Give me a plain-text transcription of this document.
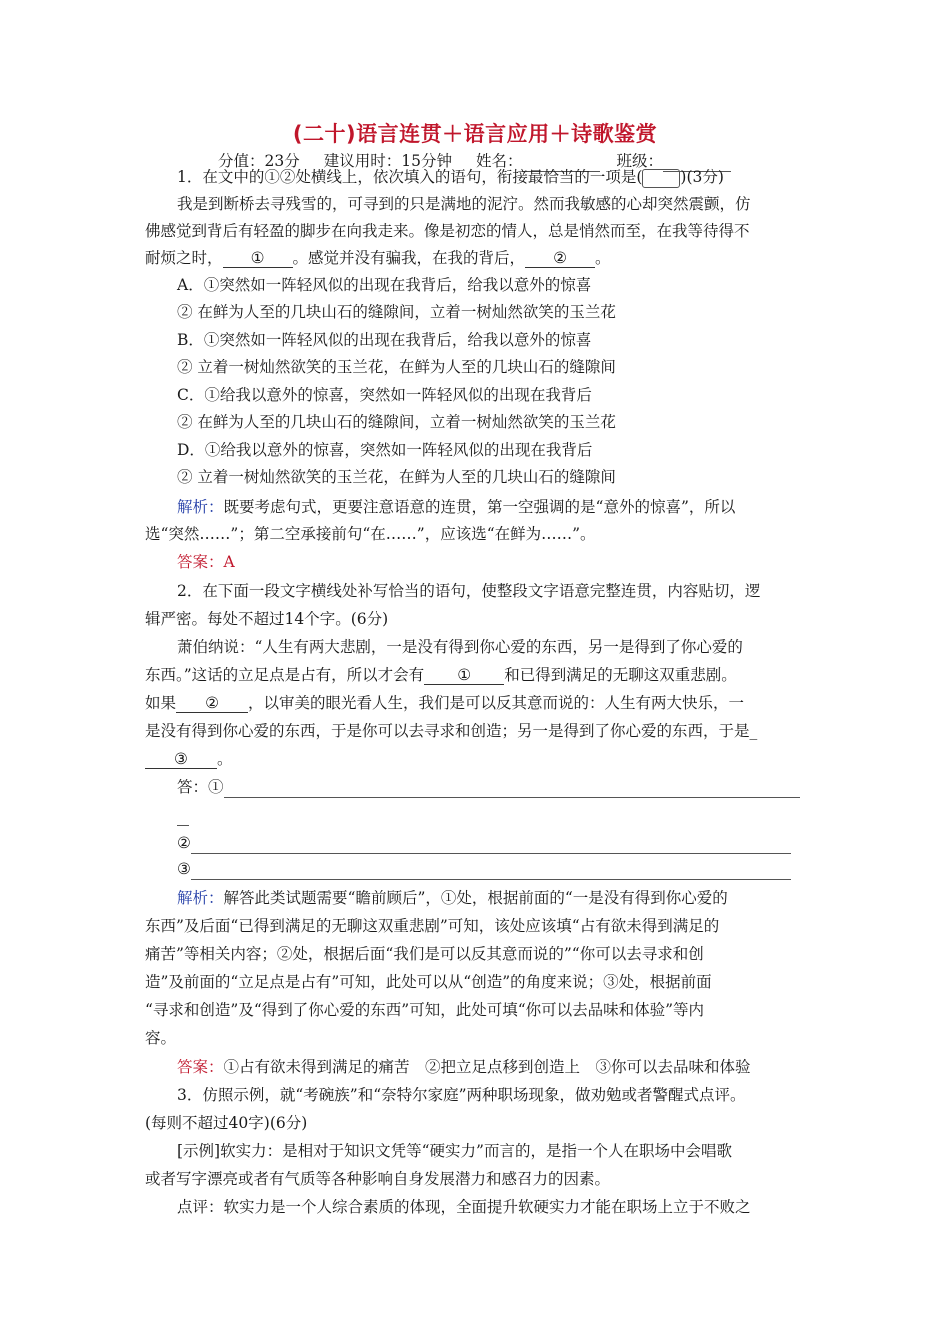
(二十)语言连贯＋语言应用＋诗歌鉴赏
分值：23分 建议用时：15分钟 姓名：	班级：
1．在文中的①②处横线上，依次填入的语句，衔接最恰当的一项是( )(3分)
我是到断桥去寻残雪的，可寻到的只是满地的泥泞。然而我敏感的心却突然震颤，仿
佛感觉到背后有轻盈的脚步在向我走来。像是初恋的情人，总是悄然而至，在我等待得不
耐烦之时， ① 。感觉并没有骗我，在我的背后， ② 。
A．①突然如一阵轻风似的出现在我背后，给我以意外的惊喜
② 在鲜为人至的几块山石的缝隙间，立着一树灿然欲笑的玉兰花
B．①突然如一阵轻风似的出现在我背后，给我以意外的惊喜
② 立着一树灿然欲笑的玉兰花，在鲜为人至的几块山石的缝隙间
C．①给我以意外的惊喜，突然如一阵轻风似的出现在我背后
② 在鲜为人至的几块山石的缝隙间，立着一树灿然欲笑的玉兰花
D．①给我以意外的惊喜，突然如一阵轻风似的出现在我背后
② 立着一树灿然欲笑的玉兰花，在鲜为人至的几块山石的缝隙间
解析：既要考虑句式，更要注意语意的连贯，第一空强调的是“意外的惊喜”，所以
选“突然……”；第二空承接前句“在……”，应该选“在鲜为……”。
答案：A
2．在下面一段文字横线处补写恰当的语句，使整段文字语意完整连贯，内容贴切，逻
辑严密。每处不超过14个字。(6分)
萧伯纳说：“人生有两大悲剧，一是没有得到你心爱的东西，另一是得到了你心爱的
东西。”这话的立足点是占有，所以才会有 ① 和已得到满足的无聊这双重悲剧。
如果 ② ，以审美的眼光看人生，我们是可以反其意而说的：人生有两大快乐，一
是没有得到你心爱的东西，于是你可以去寻求和创造；另一是得到了你心爱的东西，于是_
③ 。
答：①
②
③
解析：解答此类试题需要“瞻前顾后”，①处，根据前面的“一是没有得到你心爱的
东西”及后面“已得到满足的无聊这双重悲剧”可知，该处应该填“占有欲未得到满足的
痛苦”等相关内容；②处，根据后面“我们是可以反其意而说的”“你可以去寻求和创
造”及前面的“立足点是占有”可知，此处可以从“创造”的角度来说；③处，根据前面
“寻求和创造”及“得到了你心爱的东西”可知，此处可填“你可以去品味和体验”等内
容。
答案：①占有欲未得到满足的痛苦　②把立足点移到创造上　③你可以去品味和体验
3．仿照示例，就“考碗族”和“奈特尔家庭”两种职场现象，做劝勉或者警醒式点评。
(每则不超过40字)(6分)
[示例]软实力：是相对于知识文凭等“硬实力”而言的，是指一个人在职场中会唱歌
或者写字漂亮或者有气质等各种影响自身发展潜力和感召力的因素。
点评：软实力是一个人综合素质的体现，全面提升软硬实力才能在职场上立于不败之
